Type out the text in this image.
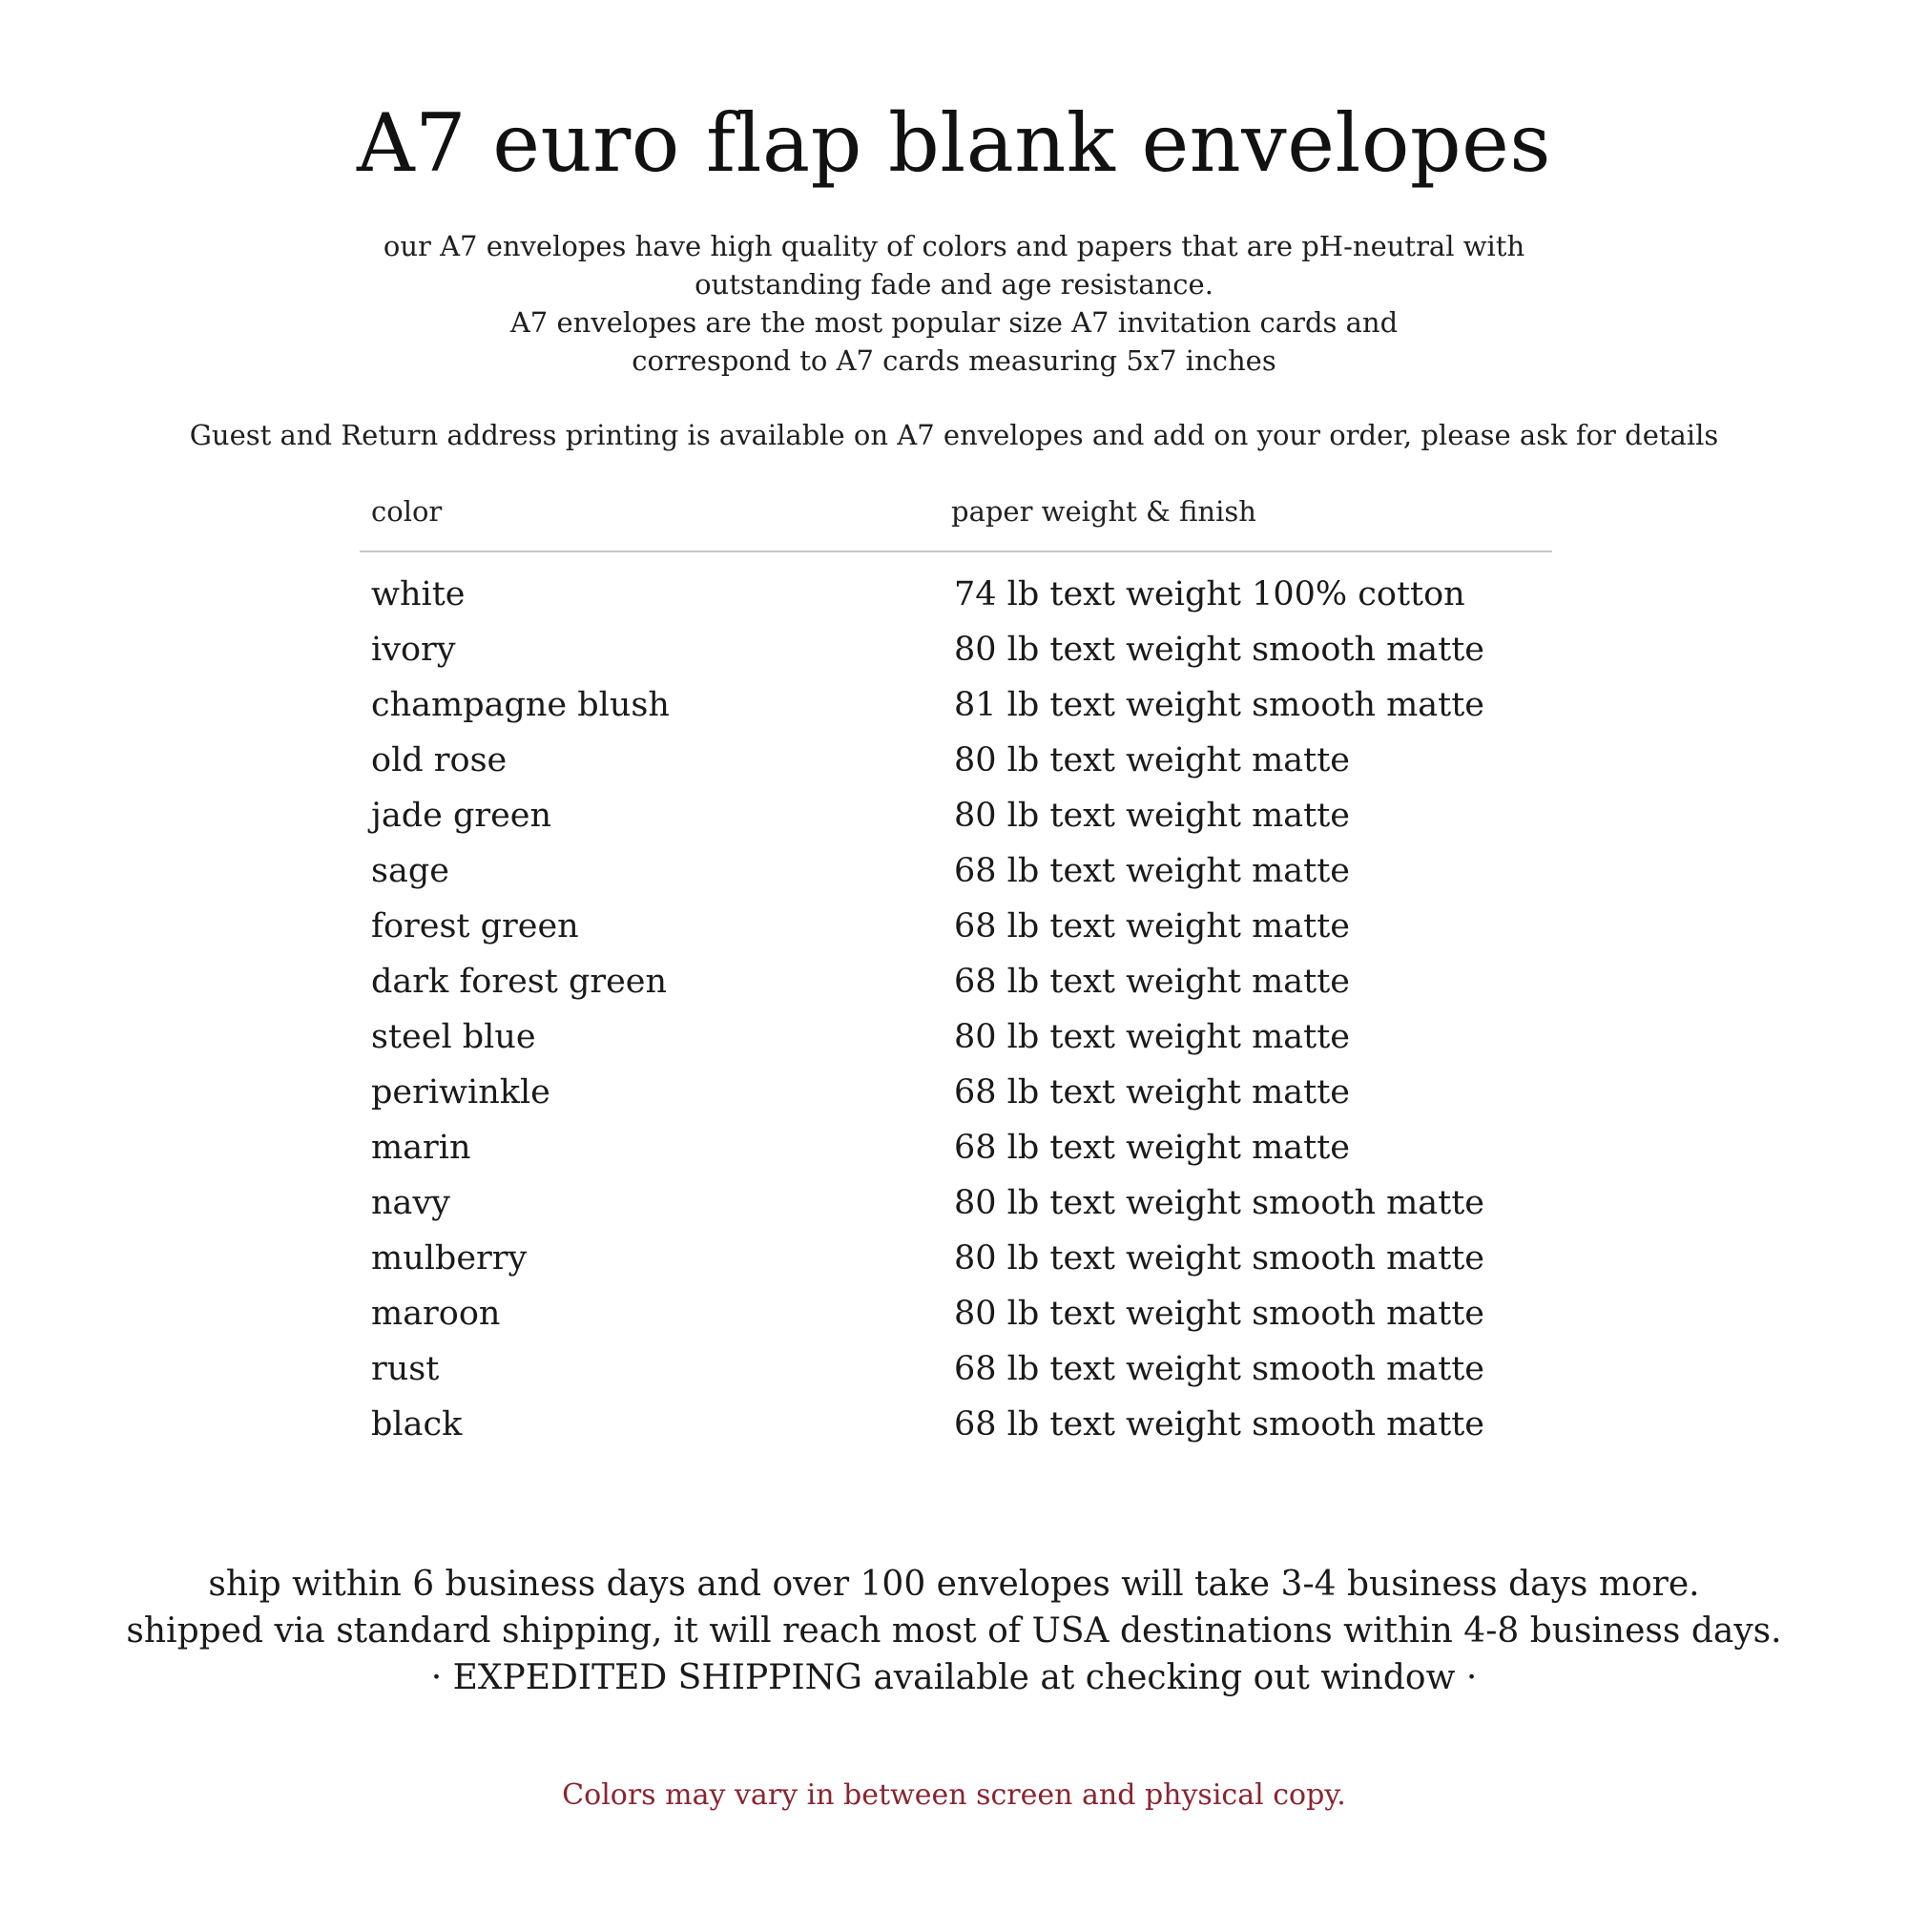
A7 euro flap blank envelopes
our A7 envelopes have high quality of colors and papers that are pH-neutral with
outstanding fade and age resistance.
A7 envelopes are the most popular size A7 invitation cards and
correspond to A7 cards measuring 5x7 inches
Guest and Return address printing is available on A7 envelopes and add on your order, please ask for details
color	paper weight & finish
white	74 lb text weight 100% cotton
ivory	80 lb text weight smooth matte
champagne blush	81 lb text weight smooth matte
old rose	80 lb text weight matte
jade green	80 lb text weight matte
sage	68 lb text weight matte
forest green	68 lb text weight matte
dark forest green	68 lb text weight matte
steel blue	80 lb text weight matte
periwinkle	68 lb text weight matte
marin	68 lb text weight matte
navy	80 lb text weight smooth matte
mulberry	80 lb text weight smooth matte
maroon	80 lb text weight smooth matte
rust	68 lb text weight smooth matte
black	68 lb text weight smooth matte
ship within 6 business days and over 100 envelopes will take 3-4 business days more.
shipped via standard shipping, it will reach most of USA destinations within 4-8 business days.
· EXPEDITED SHIPPING available at checking out window ·
Colors may vary in between screen and physical copy.
